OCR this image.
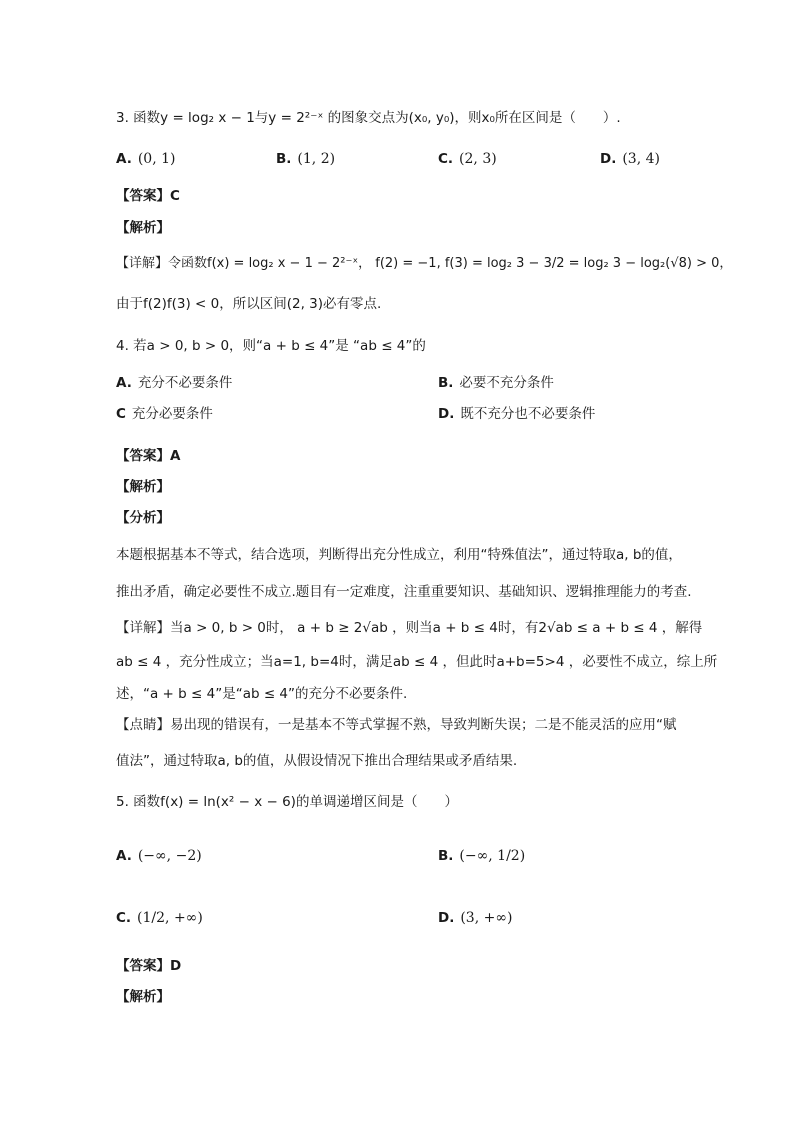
3. 函数y = log₂ x − 1与y = 2²⁻ˣ 的图象交点为(x₀, y₀)，则x₀所在区间是（　　）.
A. (0, 1)	B. (1, 2)	C. (2, 3)	D. (3, 4)
【答案】C
【解析】
【详解】令函数f(x) = log₂ x − 1 − 2²⁻ˣ， f(2) = −1, f(3) = log₂ 3 − 3/2 = log₂ 3 − log₂(√8) > 0，
由于f(2)f(3) < 0，所以区间(2, 3)必有零点.
4. 若a > 0, b > 0，则“a + b ≤ 4”是 “ab ≤ 4”的
A. 充分不必要条件	B. 必要不充分条件
C 充分必要条件	D. 既不充分也不必要条件
【答案】A
【解析】
【分析】
本题根据基本不等式，结合选项，判断得出充分性成立，利用“特殊值法”，通过特取a, b的值，
推出矛盾，确定必要性不成立.题目有一定难度，注重重要知识、基础知识、逻辑推理能力的考查.
【详解】当a > 0, b > 0时， a + b ≥ 2√ab ，则当a + b ≤ 4时，有2√ab ≤ a + b ≤ 4 ，解得
ab ≤ 4 ，充分性成立；当a=1, b=4时，满足ab ≤ 4 ，但此时a+b=5>4 ，必要性不成立，综上所
述，“a + b ≤ 4”是“ab ≤ 4”的充分不必要条件.
【点睛】易出现的错误有，一是基本不等式掌握不熟，导致判断失误；二是不能灵活的应用“赋
值法”，通过特取a, b的值，从假设情况下推出合理结果或矛盾结果.
5. 函数f(x) = ln(x² − x − 6)的单调递增区间是（　　）
A. (−∞, −2)	B. (−∞, 1/2)
C. (1/2, +∞)	D. (3, +∞)
【答案】D
【解析】
